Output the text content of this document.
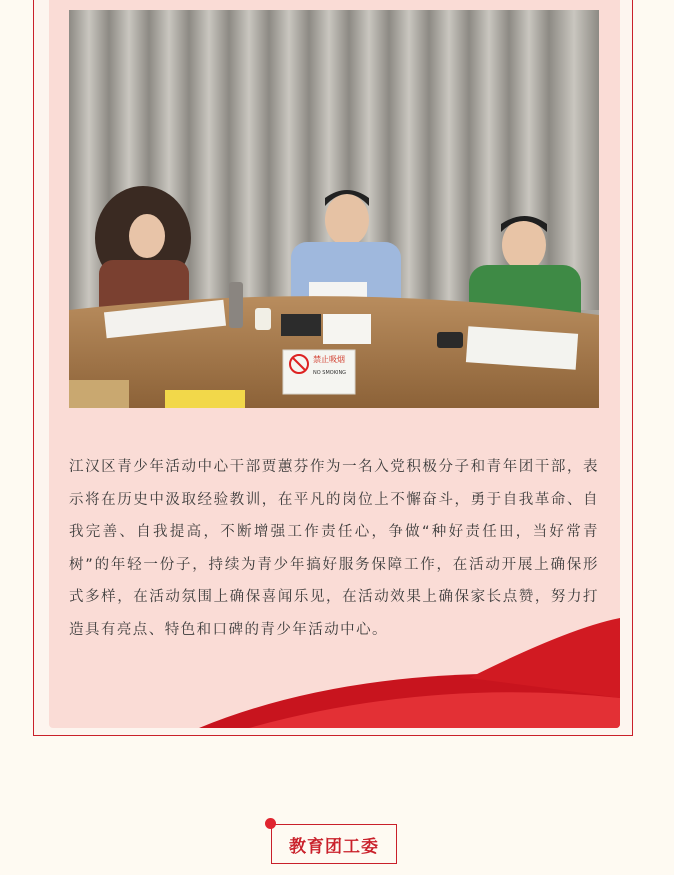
禁止吸烟
NO SMOKING

江汉区青少年活动中心干部贾蕙芬作为一名入党积极分子和青年团干部，表示将在历史中汲取经验教训，在平凡的岗位上不懈奋斗，勇于自我革命、自我完善、自我提高，不断增强工作责任心，争做“种好责任田，当好常青树”的年轻一份子，持续为青少年搞好服务保障工作，在活动开展上确保形式多样，在活动氛围上确保喜闻乐见，在活动效果上确保家长点赞，努力打造具有亮点、特色和口碑的青少年活动中心。

教育团工委
